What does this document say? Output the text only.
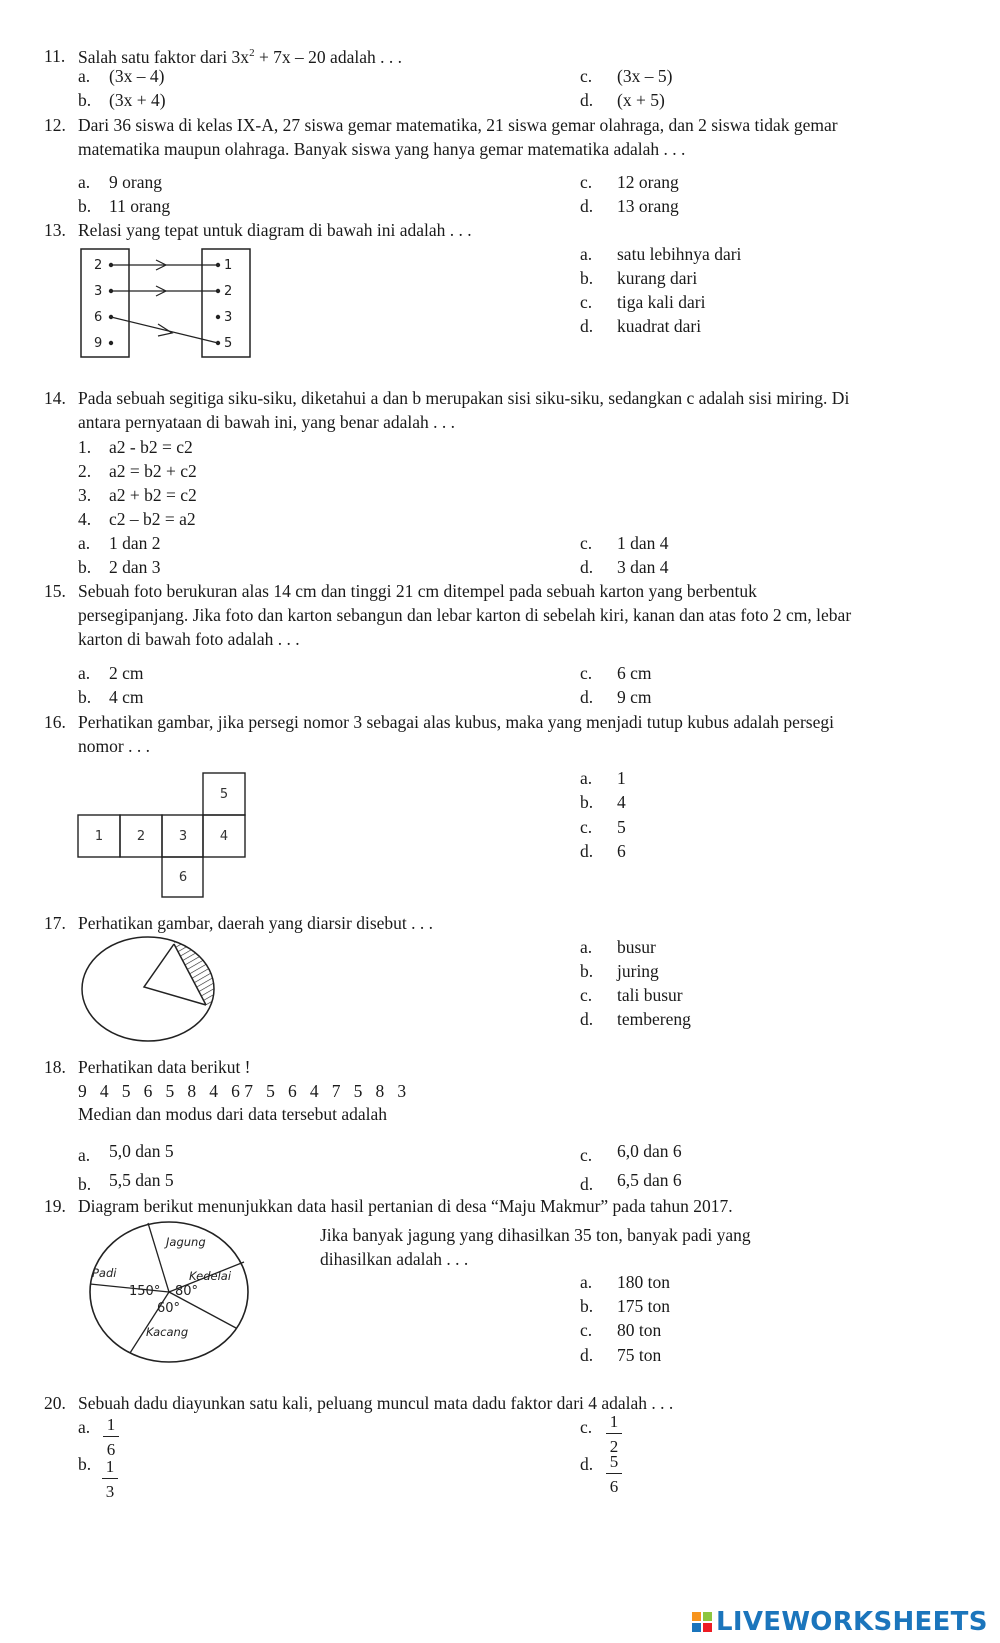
11. Salah satu faktor dari $3x^2 + 7x - 20$ adalah . . .
a. (3x – 4)	c. (3x – 5)
b. (3x + 4)	d. (x + 5)
12. Dari 36 siswa di kelas IX-A, 27 siswa gemar matematika, 21 siswa gemar olahraga, dan 2 siswa tidak gemar
matematika maupun olahraga. Banyak siswa yang hanya gemar matematika adalah . . .
a. 9 orang	c. 12 orang
b. 11 orang	d. 13 orang
13. Relasi yang tepat untuk diagram di bawah ini adalah . . .
2
3
6
9
1
2
3
5
a. satu lebihnya dari
b. kurang dari
c. tiga kali dari
d. kuadrat dari
14. Pada sebuah segitiga siku-siku, diketahui a dan b merupakan sisi siku-siku, sedangkan c adalah sisi miring. Di
antara pernyataan di bawah ini, yang benar adalah . . .
1. a2 - b2 = c2
2. a2 = b2 + c2
3. a2 + b2 = c2
4. c2 – b2 = a2
a. 1 dan 2	c. 1 dan 4
b. 2 dan 3	d. 3 dan 4
15. Sebuah foto berukuran alas 14 cm dan tinggi 21 cm ditempel pada sebuah karton yang berbentuk
persegipanjang. Jika foto dan karton sebangun dan lebar karton di sebelah kiri, kanan dan atas foto 2 cm, lebar
karton di bawah foto adalah . . .
a. 2 cm	c. 6 cm
b. 4 cm	d. 9 cm
16. Perhatikan gambar, jika persegi nomor 3 sebagai alas kubus, maka yang menjadi tutup kubus adalah persegi
nomor . . .
1	2	3	4
5
6
a. 1
b. 4
c. 5
d. 6
17. Perhatikan gambar, daerah yang diarsir disebut . . .
a. busur
b. juring
c. tali busur
d. tembereng
18. Perhatikan data berikut !
9   4   5   6   5   8   4   6 7   5   6   4   7   5   8   3
Median dan modus dari data tersebut adalah
a. 5,0 dan 5	c. 6,0 dan 6
b. 5,5 dan 5	d. 6,5 dan 6
19. Diagram berikut menunjukkan data hasil pertanian di desa “Maju Makmur” pada tahun 2017.
Jagung
Padi	Kedelai
Kacang
150° 80°
60°
Jika banyak jagung yang dihasilkan 35 ton, banyak padi yang
dihasilkan adalah . . .
a. 180 ton
b. 175 ton
c. 80 ton
d. 75 ton
20. Sebuah dadu diayunkan satu kali, peluang muncul mata dadu faktor dari 4 adalah . . .
a. 1
6
c. 1
2
b. 1
3
d. 5
6
LIVEWORKSHEETS
